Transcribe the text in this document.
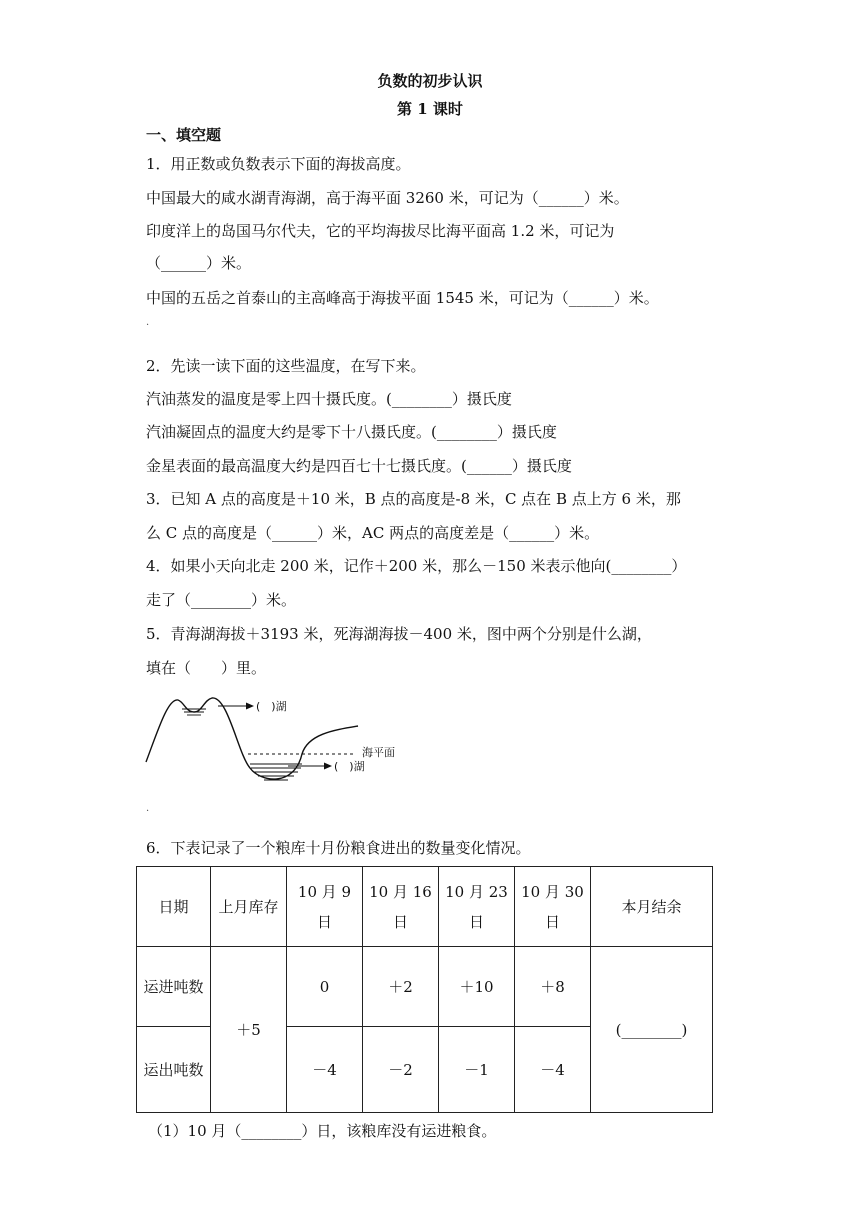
负数的初步认识
第 1 课时
一、填空题
1．用正数或负数表示下面的海拔高度。
中国最大的咸水湖青海湖，高于海平面 3260 米，可记为（______）米。
印度洋上的岛国马尔代夫，它的平均海拔尽比海平面高 1.2 米，可记为
（______）米。
中国的五岳之首泰山的主高峰高于海拔平面 1545 米，可记为（______）米。
·
2．先读一读下面的这些温度，在写下来。
汽油蒸发的温度是零上四十摄氏度。(________）摄氏度
汽油凝固点的温度大约是零下十八摄氏度。(________）摄氏度
金星表面的最高温度大约是四百七十七摄氏度。(______）摄氏度
3．已知 A 点的高度是＋10 米，B 点的高度是-8 米，C 点在 B 点上方 6 米，那
么 C 点的高度是（______）米，AC 两点的高度差是（______）米。
4．如果小天向北走 200 米，记作＋200 米，那么－150 米表示他向(________）
走了（________）米。
5．青海湖海拔＋3193 米，死海湖海拔－400 米，图中两个分别是什么湖，
填在（　　）里。
(　)湖
海平面
(　)湖
·
6．下表记录了一个粮库十月份粮食进出的数量变化情况。
日期	上月库存	10 月 9 日	10 月 16 日	10 月 23 日	10 月 30 日	本月结余
运进吨数	＋5	0	＋2	＋10	＋8	(________)
运出吨数		－4	－2	－1	－4	
（1）10 月（________）日，该粮库没有运进粮食。
